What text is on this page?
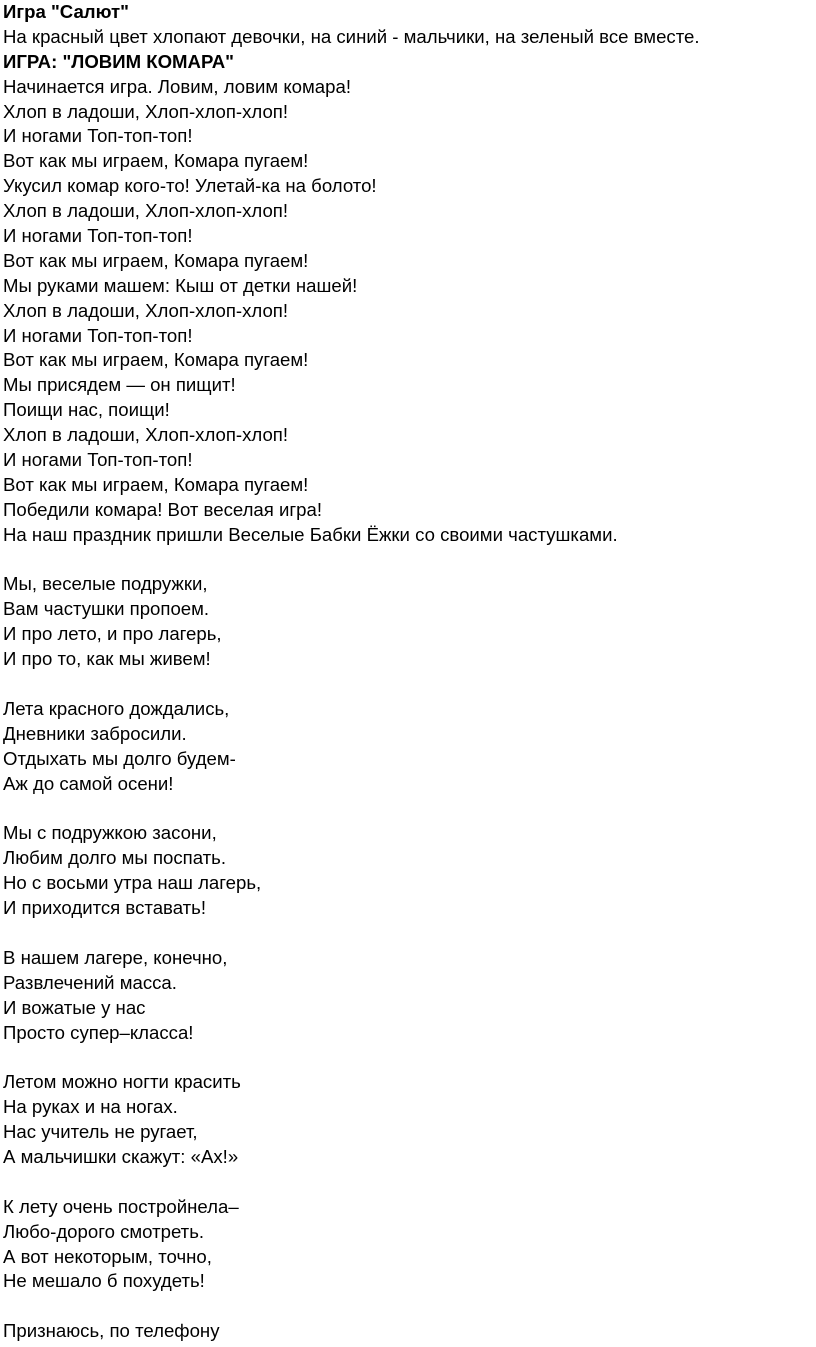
Игра "Салют"
На красный цвет хлопают девочки, на синий - мальчики, на зеленый все вместе.
ИГРА: "ЛОВИМ КОМАРА"
Начинается игра. Ловим, ловим комара!
Хлоп в ладоши, Хлоп-хлоп-хлоп!
И ногами Топ-топ-топ!
Вот как мы играем, Комара пугаем!
Укусил комар кого-то! Улетай-ка на болото!
Хлоп в ладоши, Хлоп-хлоп-хлоп!
И ногами Топ-топ-топ!
Вот как мы играем, Комара пугаем!
Мы руками машем: Кыш от детки нашей!
Хлоп в ладоши, Хлоп-хлоп-хлоп!
И ногами Топ-топ-топ!
Вот как мы играем, Комара пугаем!
Мы присядем — он пищит!
Поищи нас, поищи!
Хлоп в ладоши, Хлоп-хлоп-хлоп!
И ногами Топ-топ-топ!
Вот как мы играем, Комара пугаем!
Победили комара! Вот веселая игра!
На наш праздник пришли Веселые Бабки Ёжки со своими частушками.
Мы, веселые подружки,
Вам частушки пропоем.
И про лето, и про лагерь,
И про то, как мы живем!
Лета красного дождались,
Дневники забросили.
Отдыхать мы долго будем-
Аж до самой осени!
Мы с подружкою засони,
Любим долго мы поспать.
Но с восьми утра наш лагерь,
И приходится вставать!
В нашем лагере, конечно,
Развлечений масса.
И вожатые у нас
Просто супер–класса!
Летом можно ногти красить
На руках и на ногах.
Нас учитель не ругает,
А мальчишки скажут: «Ах!»
К лету очень постройнела–
Любо-дорого смотреть.
А вот некоторым, точно,
Не мешало б похудеть!
Признаюсь, по телефону
